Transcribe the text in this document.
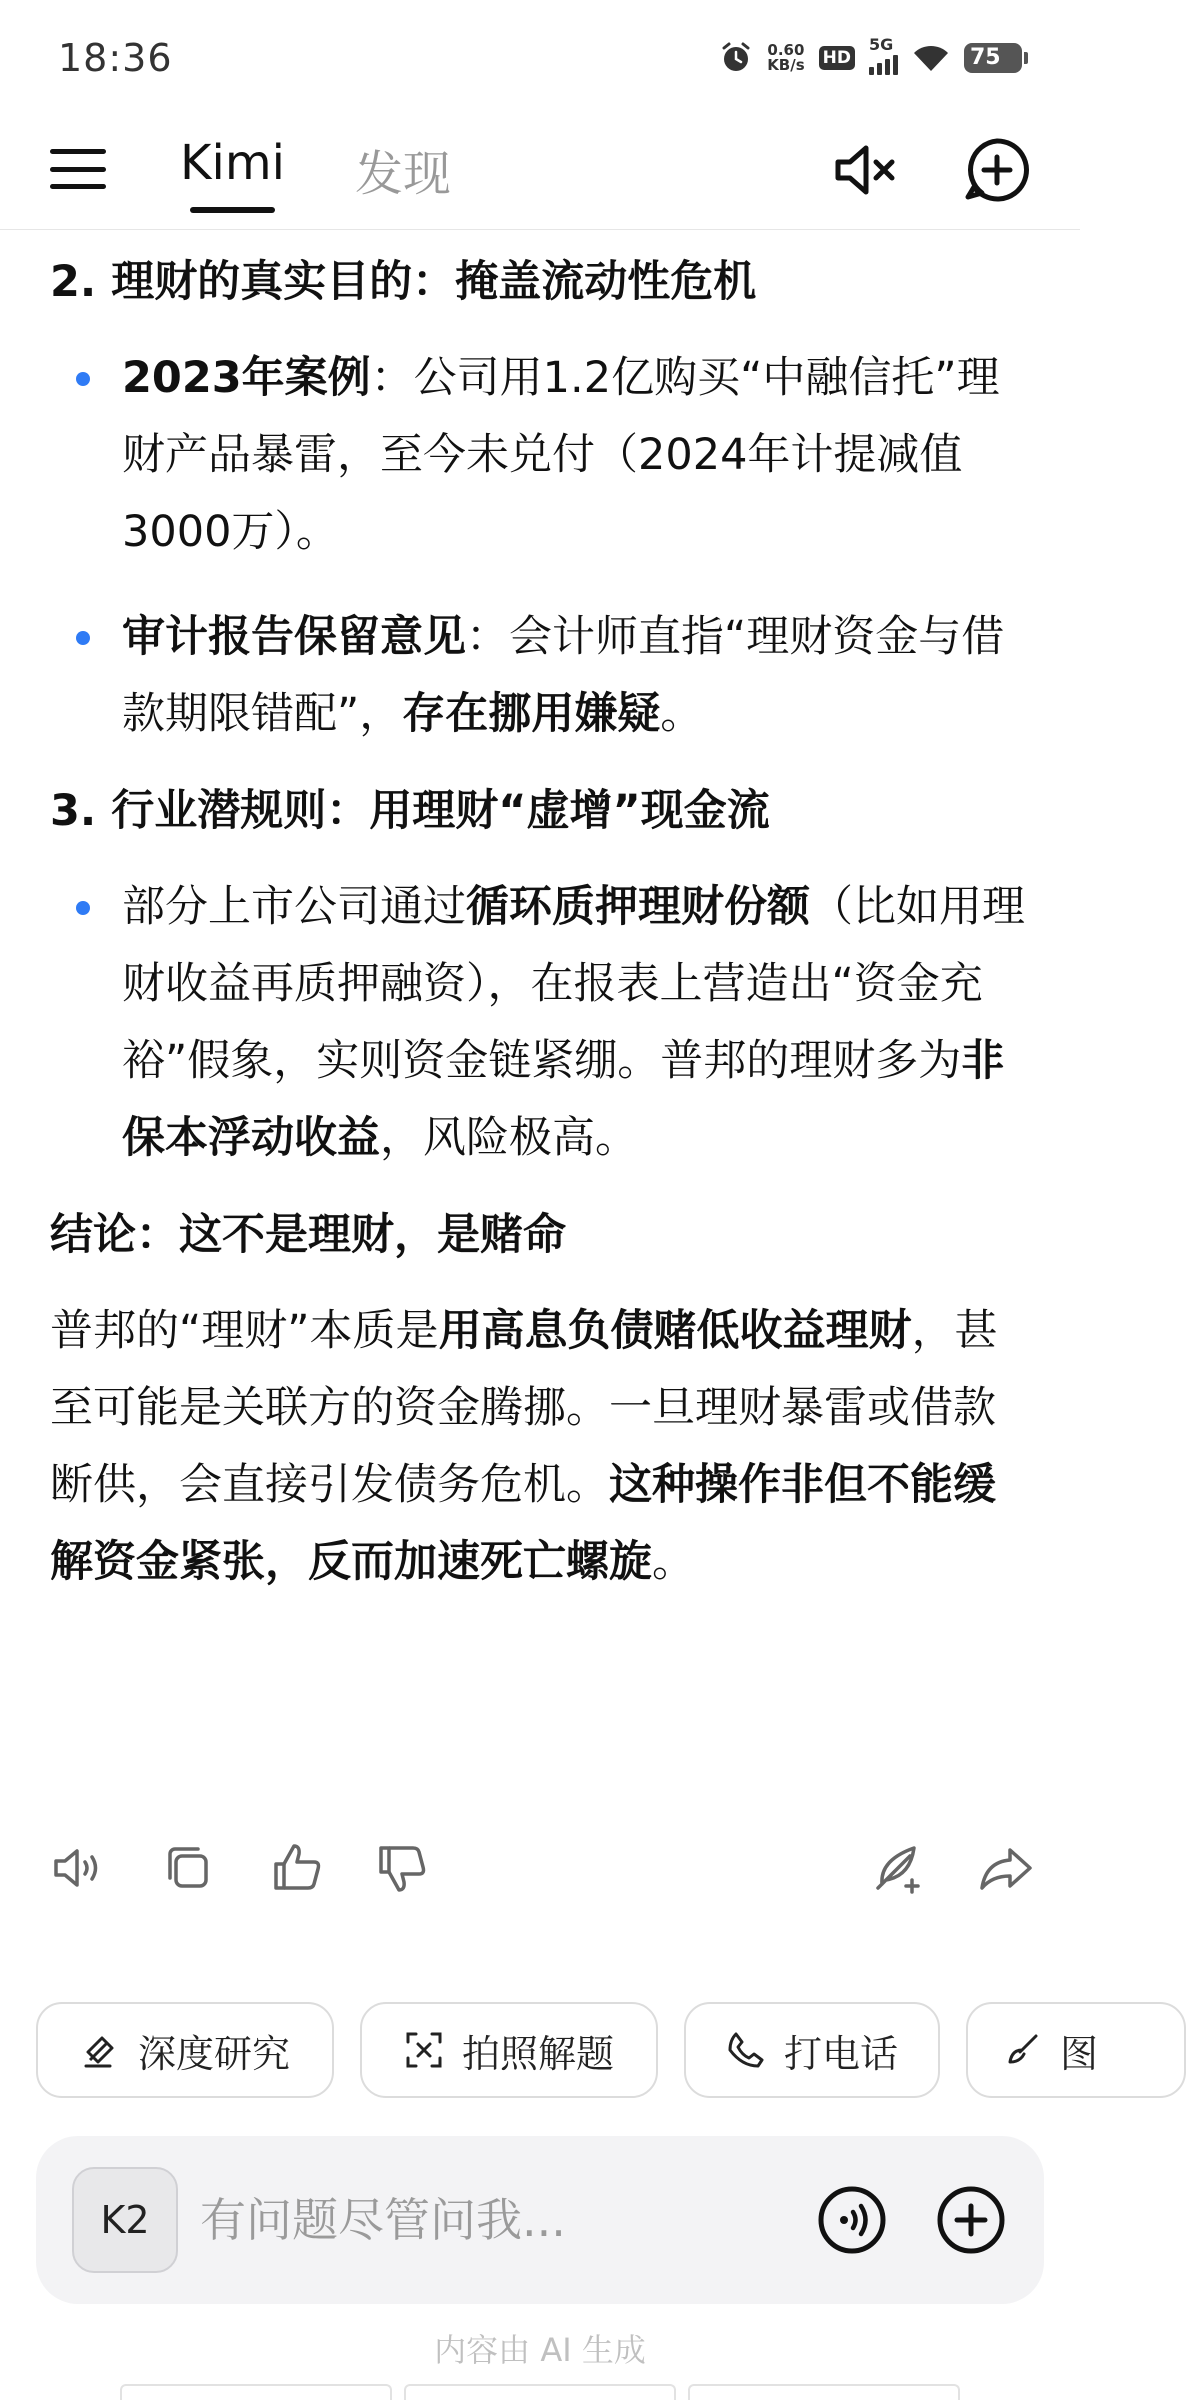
18:36	0.60
KB/s HD
5G
75
Kimi 发现
2. 理财的真实目的：掩盖流动性危机
2023年案例：公司用1.2亿购买“中融信托”理财产品暴雷，至今未兑付（2024年计提减值3000万）。
审计报告保留意见：会计师直指“理财资金与借款期限错配”，存在挪用嫌疑。
3. 行业潜规则：用理财“虚增”现金流
部分上市公司通过循环质押理财份额（比如用理财收益再质押融资），在报表上营造出“资金充裕”假象，实则资金链紧绷。普邦的理财多为非保本浮动收益，风险极高。
结论：这不是理财，是赌命
普邦的“理财”本质是用高息负债赌低收益理财，甚至可能是关联方的资金腾挪。一旦理财暴雷或借款断供，会直接引发债务危机。这种操作非但不能缓解资金紧张，反而加速死亡螺旋。
深度研究	拍照解题	打电话	图
K2
有问题尽管问我...
内容由 AI 生成
